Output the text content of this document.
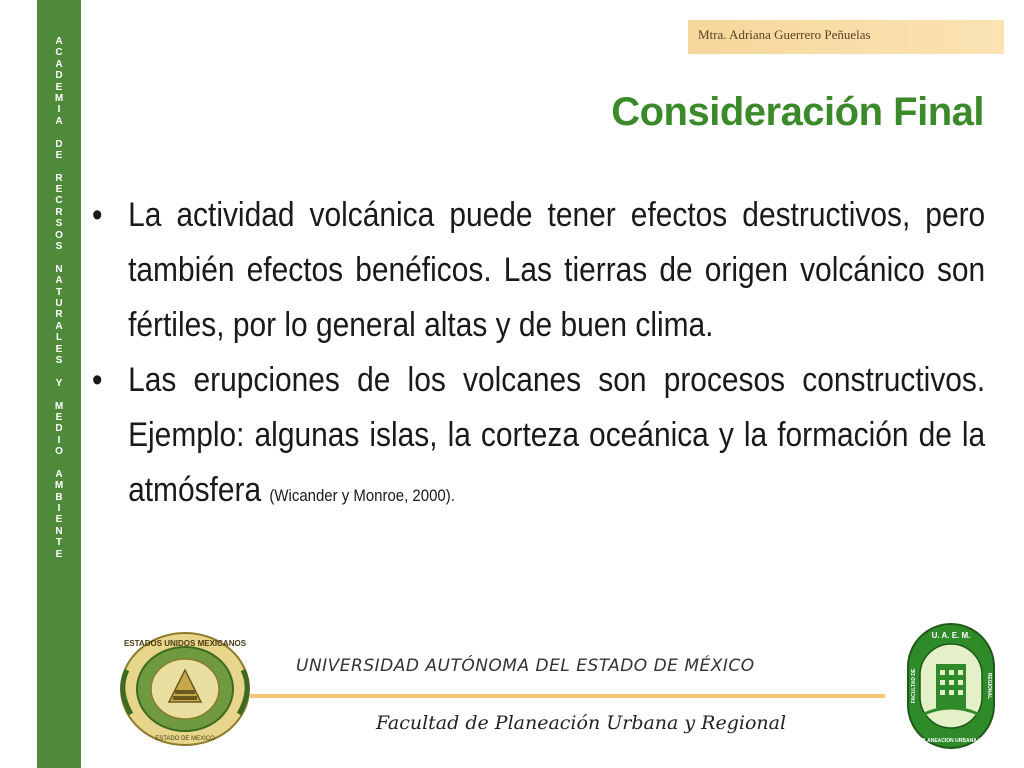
A
C
A
D
E
M
I
A

D
E

R
E
C
R
S
O
S

N
A
T
U
R
A
L
E
S

Y

M
E
D
I
O

A
M
B
I
E
N
T
E
Mtra. Adriana Guerrero Peñuelas
Consideración Final
• La actividad volcánica puede tener efectos destructivos, pero también efectos benéficos. Las tierras de origen volcánico son fértiles, por lo general altas y de buen clima.
• Las erupciones de los volcanes son procesos constructivos. Ejemplo: algunas islas, la corteza oceánica y la formación de la atmósfera (Wicander y Monroe, 2000).
ESTADOS UNIDOS MEXICANOS
ESTADO DE MEXICO
UNIVERSIDAD AUTÓNOMA DEL ESTADO DE MÉXICO
Facultad de Planeación Urbana y Regional
U. A. E. M.
FACULTAD DE
PLANEACION URBANA Y
REGIONAL
